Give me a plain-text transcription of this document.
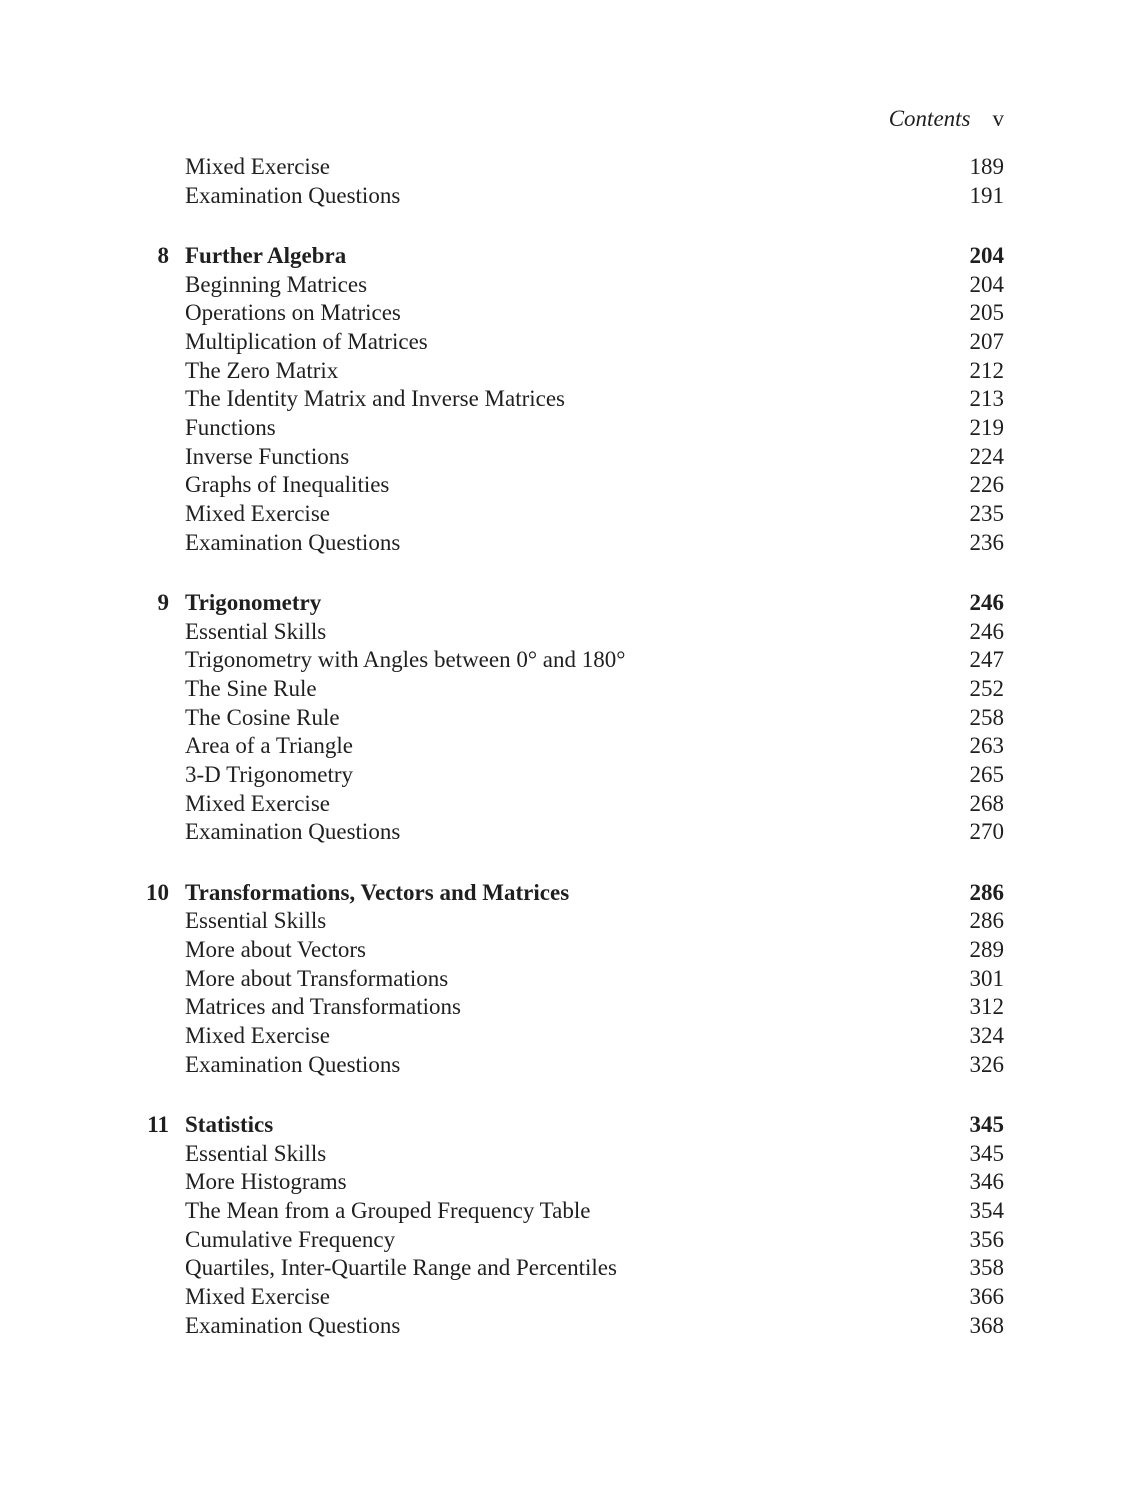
Contents v
Mixed Exercise	189
Examination Questions	191
8 Further Algebra	204
Beginning Matrices	204
Operations on Matrices	205
Multiplication of Matrices	207
The Zero Matrix	212
The Identity Matrix and Inverse Matrices	213
Functions	219
Inverse Functions	224
Graphs of Inequalities	226
Mixed Exercise	235
Examination Questions	236
9 Trigonometry	246
Essential Skills	246
Trigonometry with Angles between 0° and 180°	247
The Sine Rule	252
The Cosine Rule	258
Area of a Triangle	263
3-D Trigonometry	265
Mixed Exercise	268
Examination Questions	270
10 Transformations, Vectors and Matrices	286
Essential Skills	286
More about Vectors	289
More about Transformations	301
Matrices and Transformations	312
Mixed Exercise	324
Examination Questions	326
11 Statistics	345
Essential Skills	345
More Histograms	346
The Mean from a Grouped Frequency Table	354
Cumulative Frequency	356
Quartiles, Inter-Quartile Range and Percentiles	358
Mixed Exercise	366
Examination Questions	368
